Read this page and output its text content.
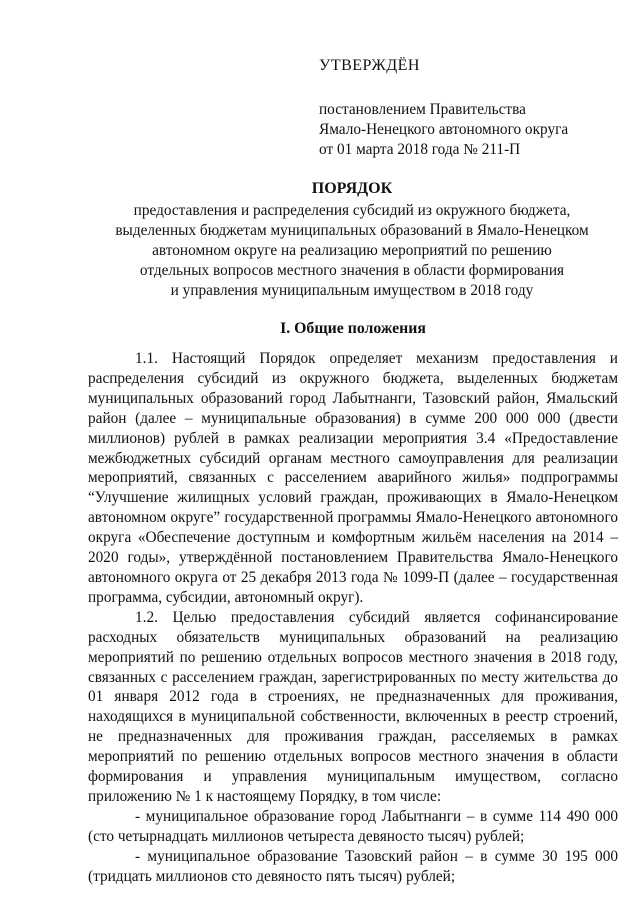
УТВЕРЖДЁН
постановлением Правительства
Ямало-Ненецкого автономного округа
от 01 марта 2018 года № 211-П
ПОРЯДОК
предоставления и распределения субсидий из окружного бюджета,
выделенных бюджетам муниципальных образований в Ямало-Ненецком
автономном округе на реализацию мероприятий по решению
отдельных вопросов местного значения в области формирования
и управления муниципальным имуществом в 2018 году
I. Общие положения

1.1. Настоящий Порядок определяет механизм предоставления и распределения субсидий из окружного бюджета, выделенных бюджетам муниципальных образований город Лабытнанги, Тазовский район, Ямальский район (далее – муниципальные образования) в сумме 200 000 000 (двести миллионов) рублей в рамках реализации мероприятия 3.4 «Предоставление межбюджетных субсидий органам местного самоуправления для реализации мероприятий, связанных с расселением аварийного жилья» подпрограммы “Улучшение жилищных условий граждан, проживающих в Ямало-Ненецком автономном округе” государственной программы Ямало-Ненецкого автономного округа «Обеспечение доступным и комфортным жильём населения на 2014 – 2020 годы», утверждённой постановлением Правительства Ямало-Ненецкого автономного округа от 25 декабря 2013 года № 1099-П (далее – государственная программа, субсидии, автономный округ).

1.2. Целью предоставления субсидий является софинансирование расходных обязательств муниципальных образований на реализацию мероприятий по решению отдельных вопросов местного значения в 2018 году, связанных с расселением граждан, зарегистрированных по месту жительства до 01 января 2012 года в строениях, не предназначенных для проживания, находящихся в муниципальной собственности, включенных в реестр строений, не предназначенных для проживания граждан, расселяемых в рамках мероприятий по решению отдельных вопросов местного значения в области формирования и управления муниципальным имуществом, согласно приложению № 1 к настоящему Порядку, в том числе:

- муниципальное образование город Лабытнанги – в сумме 114 490 000 (сто четырнадцать миллионов четыреста девяносто тысяч) рублей;

- муниципальное образование Тазовский район – в сумме 30 195 000 (тридцать миллионов сто девяносто пять тысяч) рублей;
